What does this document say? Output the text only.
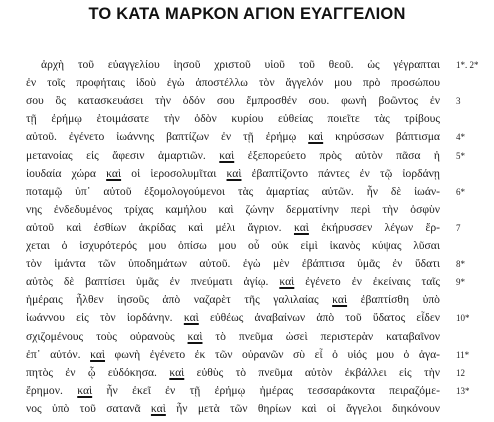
ΤΟ ΚΑΤΑ ΜΑΡΚΟΝ ΑΓΙΟΝ ΕΥΑΓΓΕΛΙΟΝ
ἀρχὴ τοῦ εὐαγγελίου ἰησοῦ χριστοῦ υἱοῦ τοῦ θεοῦ. ὡς γέγραπται 1*. 2*
ἐν τοῖς προφήταις ἰδοὺ ἐγὼ ἀποστέλλω τὸν ἄγγελόν μου πρὸ προσώπου
σου ὃς κατασκευάσει τὴν ὁδόν σου ἔμπροσθέν σου. φωνὴ βοῶντος ἐν 3
τῇ ἐρήμῳ ἑτοιμάσατε τὴν ὁδὸν κυρίου εὐθείας ποιεῖτε τὰς τρίβους
αὐτοῦ. ἐγένετο ἰωάννης βαπτίζων ἐν τῇ ἐρήμῳ καὶ κηρύσσων βάπτισμα 4*
μετανοίας εἰς ἄφεσιν ἁμαρτιῶν. καὶ ἐξεπορεύετο πρὸς αὐτὸν πᾶσα ἡ 5*
ἰουδαία χώρα καὶ οἱ ἱεροσολυμῖται καὶ ἐβαπτίζοντο πάντες ἐν τῷ ἰορδάνῃ
ποταμῷ ὑπ᾽ αὐτοῦ ἐξομολογούμενοι τὰς ἁμαρτίας αὐτῶν. ἦν δὲ ἰωάν- 6*
νης ἐνδεδυμένος τρίχας καμήλου καὶ ζώνην δερματίνην περὶ τὴν ὀσφὺν
αὐτοῦ καὶ ἐσθίων ἀκρίδας καὶ μέλι ἄγριον. καὶ ἐκήρυσσεν λέγων ἔρ- 7
χεται ὁ ἰσχυρότερός μου ὀπίσω μου οὗ οὐκ εἰμὶ ἱκανὸς κύψας λῦσαι
τὸν ἱμάντα τῶν ὑποδημάτων αὐτοῦ. ἐγὼ μὲν ἐβάπτισα ὑμᾶς ἐν ὕδατι 8*
αὐτὸς δὲ βαπτίσει ὑμᾶς ἐν πνεύματι ἁγίῳ. καὶ ἐγένετο ἐν ἐκείναις ταῖς 9*
ἡμέραις ἦλθεν ἰησοῦς ἀπὸ ναζαρὲτ τῆς γαλιλαίας καὶ ἐβαπτίσθη ὑπὸ
ἰωάννου εἰς τὸν ἰορδάνην. καὶ εὐθέως ἀναβαίνων ἀπὸ τοῦ ὕδατος εἶδεν 10*
σχιζομένους τοὺς οὐρανοὺς καὶ τὸ πνεῦμα ὡσεὶ περιστερὰν καταβαῖνον
ἐπ᾽ αὐτόν. καὶ φωνὴ ἐγένετο ἐκ τῶν οὐρανῶν σὺ εἶ ὁ υἱός μου ὁ ἀγα- 11*
πητὸς ἐν ᾧ εὐδόκησα. καὶ εὐθὺς τὸ πνεῦμα αὐτὸν ἐκβάλλει εἰς τὴν 12
ἔρημον. καὶ ἦν ἐκεῖ ἐν τῇ ἐρήμῳ ἡμέρας τεσσαράκοντα πειραζόμε- 13*
νος ὑπὸ τοῦ σατανᾶ καὶ ἦν μετὰ τῶν θηρίων καὶ οἱ ἄγγελοι διηκόνουν
